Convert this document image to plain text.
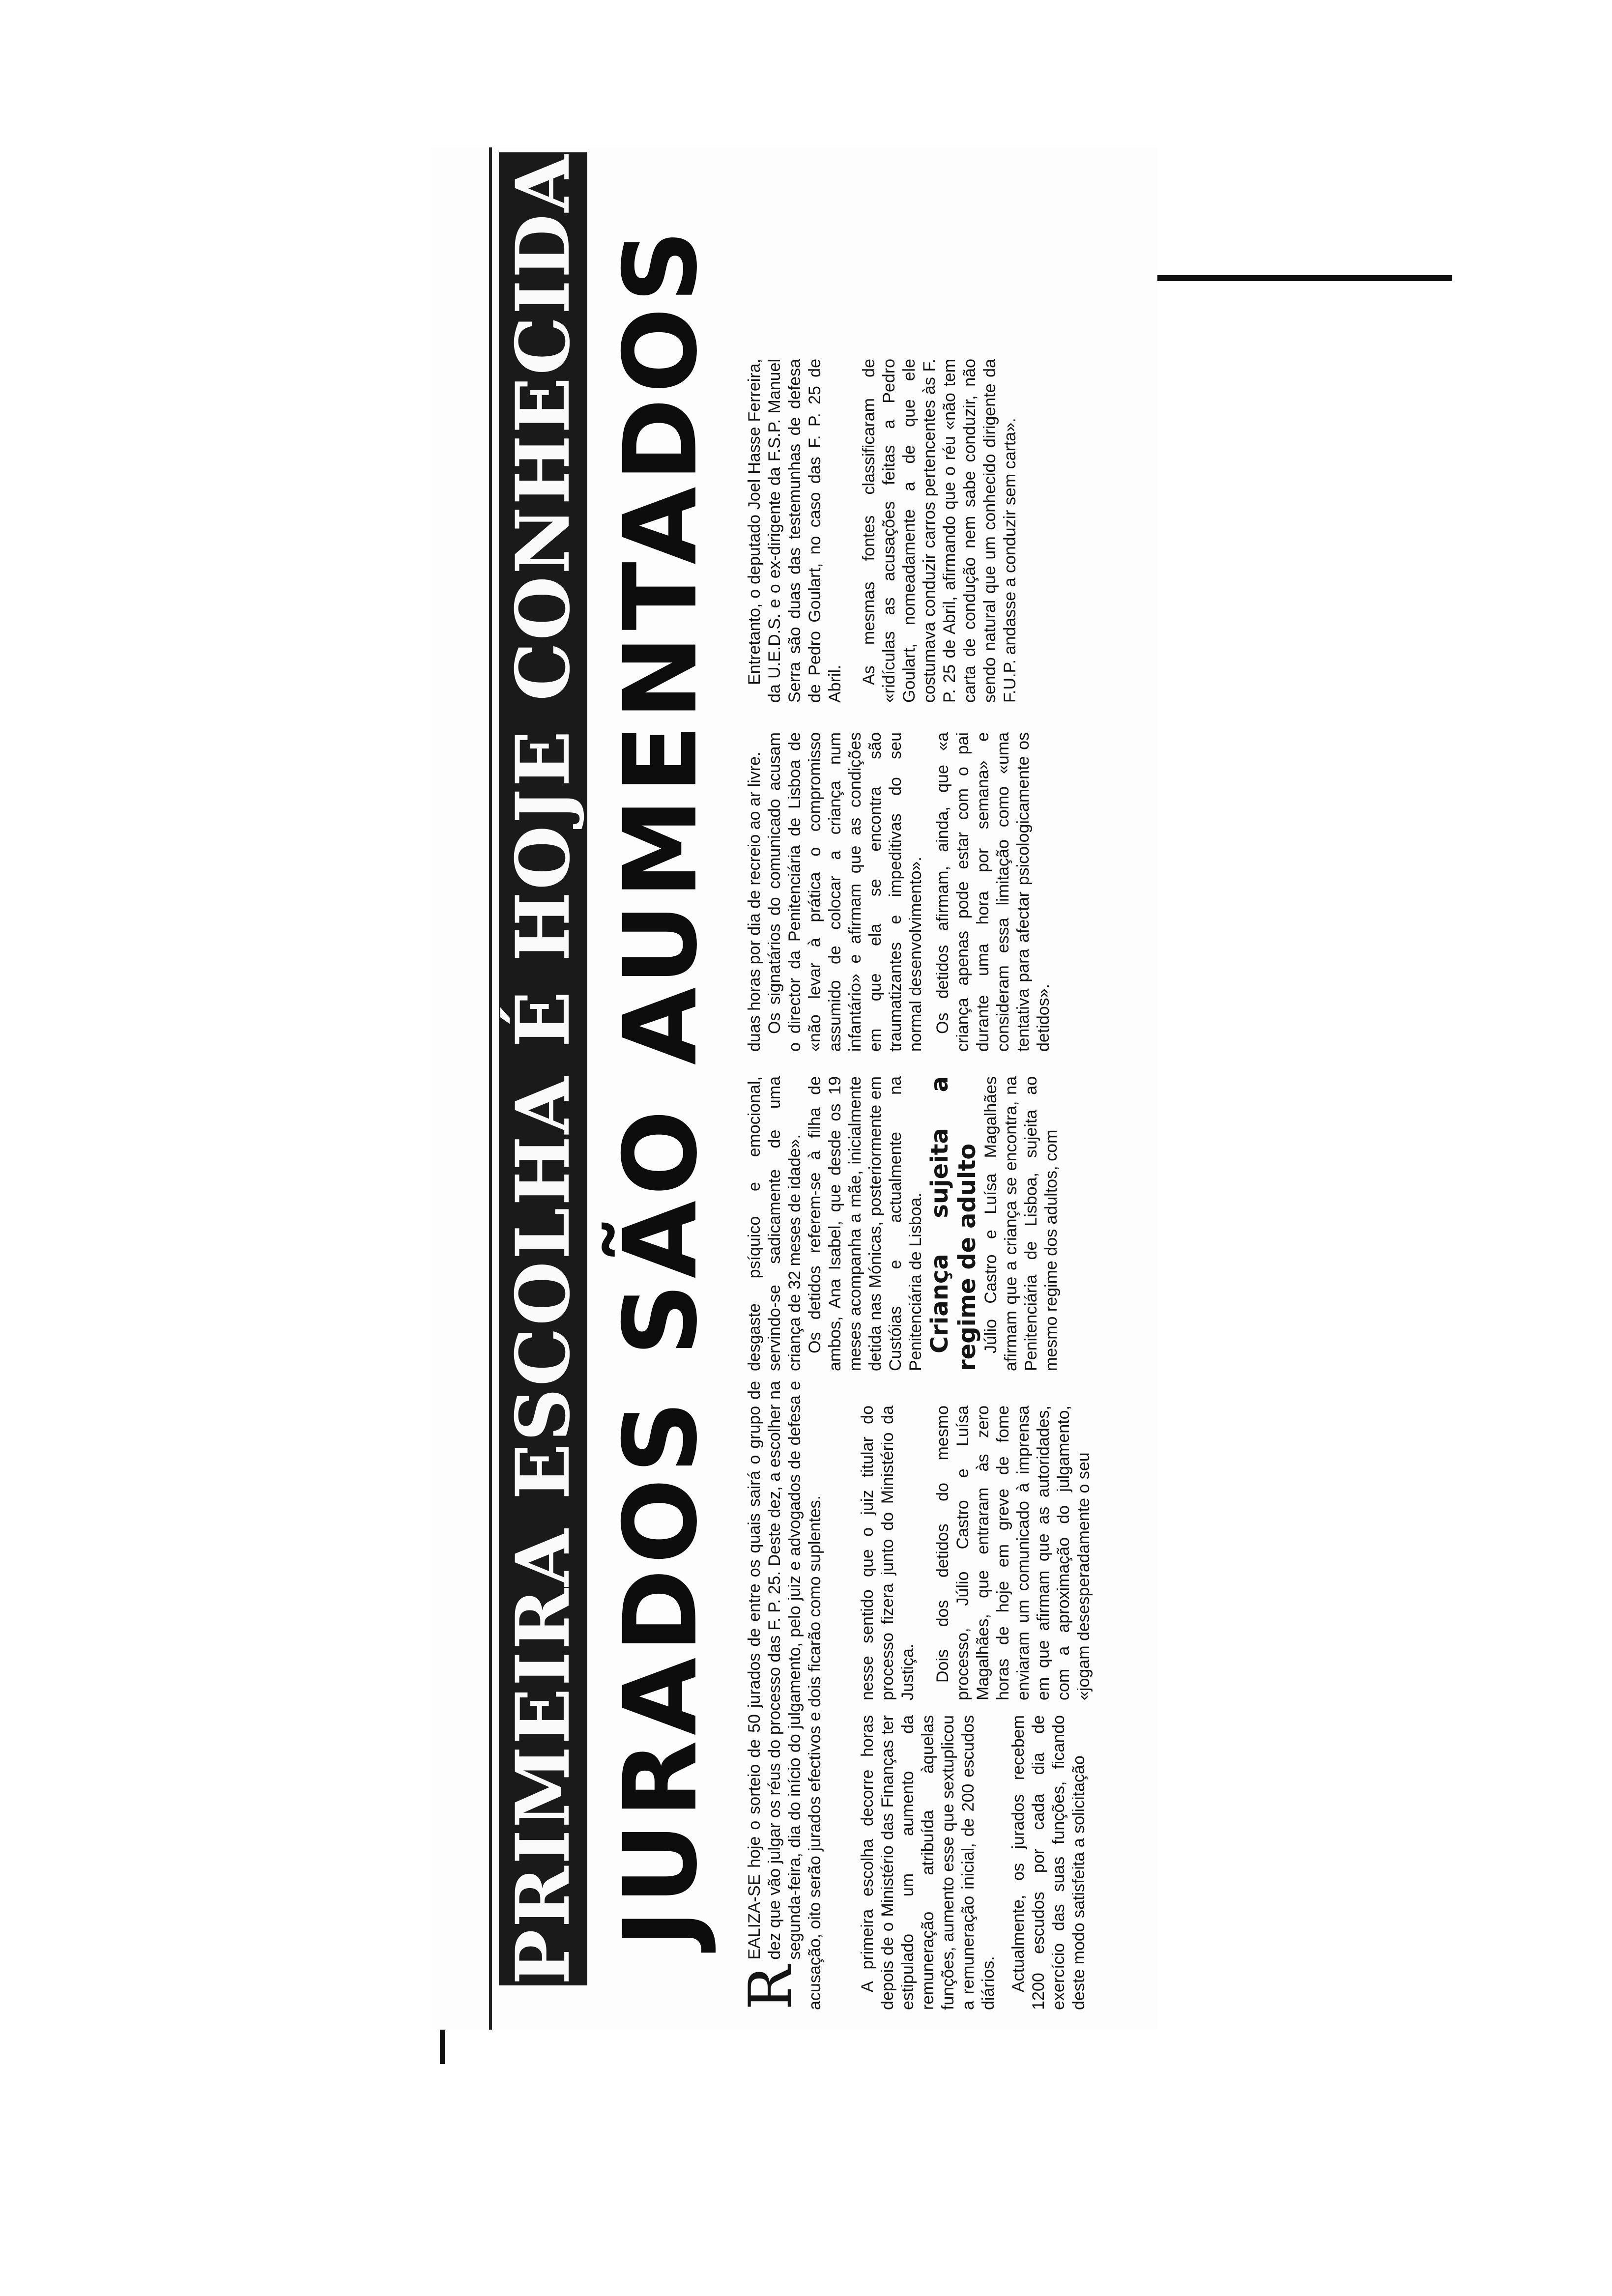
PRIMEIRA ESCOLHA É HOJE CONHECIDA JURADOS SÃO AUMENTADOS
R
EALIZA-SE hoje o sorteio de 50 jurados de entre os quais sairá o grupo de dez que vão julgar os réus do processo das F. P. 25. Deste dez, a escolher na segunda-feira, dia do início do julgamento, pelo juiz e advogados de defesa e acusação, oito serão jurados efectivos e dois ficarão como suplentes. A primeira escolha decorre horas depois de o Ministério das Finanças ter estipulado um aumento da remuneração atribuída àquelas funções, aumento esse que sextuplicou a remuneração inicial, de 200 escudos diários. Actualmente, os jurados recebem 1200 escudos por cada dia de exercício das suas funções, ficando deste modo satisfeita a solicitação

nesse sentido que o juiz titular do processo fizera junto do Ministério da Justiça. Dois dos detidos do mesmo processo, Júlio Castro e Luísa Magalhães, que entraram às zero horas de hoje em greve de fome enviaram um comunicado à imprensa em que afirmam que as autoridades, com a aproximação do julgamento, «jogam desesperadamente o seu

desgaste psíquico e emocional, servindo-se sadicamente de uma criança de 32 meses de idade». Os detidos referem-se à filha de ambos, Ana Isabel, que desde os 19 meses acompanha a mãe, inicialmente detida nas Mónicas, posteriormente em Custóias e actualmente na Penitenciária de Lisboa. Criança sujeita a regime de adulto Júlio Castro e Luísa Magalhães afirmam que a criança se encontra, na Penitenciária de Lisboa, sujeita ao mesmo regime dos adultos, com

duas horas por dia de recreio ao ar livre. Os signatários do comunicado acusam o director da Penitenciária de Lisboa de «não levar à prática o compromisso assumido de colocar a criança num infantário» e afirmam que as condições em que ela se encontra são traumatizantes e impeditivas do seu normal desenvolvimento». Os detidos afirmam, ainda, que «a criança apenas pode estar com o pai durante uma hora por semana» e consideram essa limitação como «uma tentativa para afectar psicologicamente os detidos».

Entretanto, o deputado Joel Hasse Ferreira, da U.E.D.S. e o ex-dirigente da F.S.P. Manuel Serra são duas das testemunhas de defesa de Pedro Goulart, no caso das F. P. 25 de Abril. As mesmas fontes classificaram de «ridículas as acusações feitas a Pedro Goulart, nomeadamente a de que ele costumava conduzir carros pertencentes às F. P. 25 de Abril, afirmando que o réu «não tem carta de condução nem sabe conduzir, não sendo natural que um conhecido dirigente da F.U.P. andasse a conduzir sem carta».
